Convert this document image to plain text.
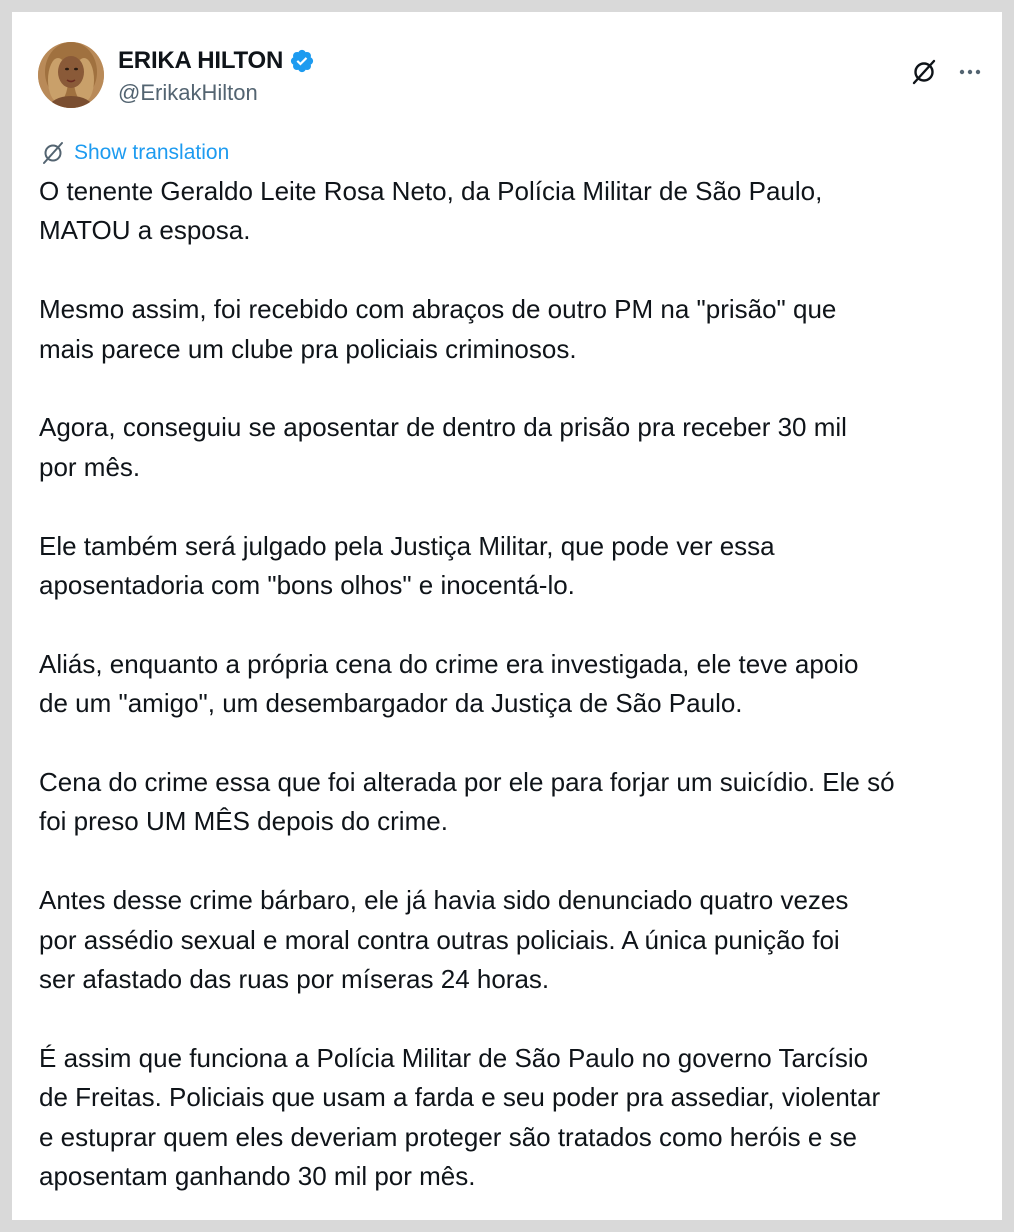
ERIKA HILTON
@ErikakHilton
Show translation

O tenente Geraldo Leite Rosa Neto, da Polícia Militar de São Paulo,
MATOU a esposa.

Mesmo assim, foi recebido com abraços de outro PM na "prisão" que
mais parece um clube pra policiais criminosos.

Agora, conseguiu se aposentar de dentro da prisão pra receber 30 mil
por mês.

Ele também será julgado pela Justiça Militar, que pode ver essa
aposentadoria com "bons olhos" e inocentá-lo.

Aliás, enquanto a própria cena do crime era investigada, ele teve apoio
de um "amigo", um desembargador da Justiça de São Paulo.

Cena do crime essa que foi alterada por ele para forjar um suicídio. Ele só
foi preso UM MÊS depois do crime.

Antes desse crime bárbaro, ele já havia sido denunciado quatro vezes
por assédio sexual e moral contra outras policiais. A única punição foi
ser afastado das ruas por míseras 24 horas.

É assim que funciona a Polícia Militar de São Paulo no governo Tarcísio
de Freitas. Policiais que usam a farda e seu poder pra assediar, violentar
e estuprar quem eles deveriam proteger são tratados como heróis e se
aposentam ganhando 30 mil por mês.
